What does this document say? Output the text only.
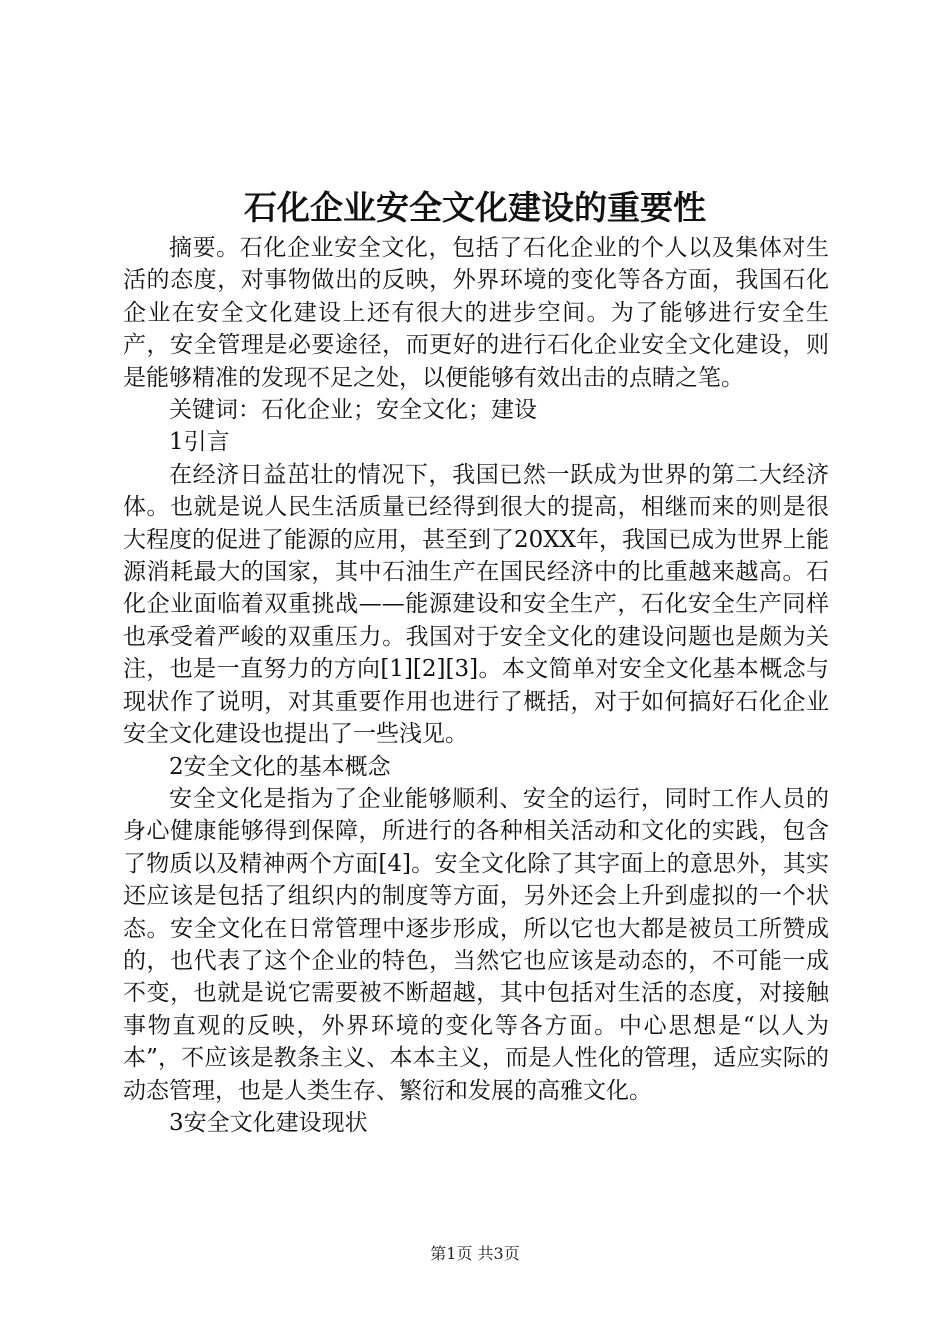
石化企业安全文化建设的重要性

摘要。石化企业安全文化，包括了石化企业的个人以及集体对生活的态度，对事物做出的反映，外界环境的变化等各方面，我国石化企业在安全文化建设上还有很大的进步空间。为了能够进行安全生产，安全管理是必要途径，而更好的进行石化企业安全文化建设，则是能够精准的发现不足之处，以便能够有效出击的点睛之笔。

关键词：石化企业；安全文化；建设

1引言

在经济日益茁壮的情况下，我国已然一跃成为世界的第二大经济体。也就是说人民生活质量已经得到很大的提高，相继而来的则是很大程度的促进了能源的应用，甚至到了20XX年，我国已成为世界上能源消耗最大的国家，其中石油生产在国民经济中的比重越来越高。石化企业面临着双重挑战——能源建设和安全生产，石化安全生产同样也承受着严峻的双重压力。我国对于安全文化的建设问题也是颇为关注，也是一直努力的方向[1][2][3]。本文简单对安全文化基本概念与现状作了说明，对其重要作用也进行了概括，对于如何搞好石化企业安全文化建设也提出了一些浅见。

2安全文化的基本概念

安全文化是指为了企业能够顺利、安全的运行，同时工作人员的身心健康能够得到保障，所进行的各种相关活动和文化的实践，包含了物质以及精神两个方面[4]。安全文化除了其字面上的意思外，其实还应该是包括了组织内的制度等方面，另外还会上升到虚拟的一个状态。安全文化在日常管理中逐步形成，所以它也大都是被员工所赞成的，也代表了这个企业的特色，当然它也应该是动态的，不可能一成不变，也就是说它需要被不断超越，其中包括对生活的态度，对接触事物直观的反映，外界环境的变化等各方面。中心思想是“以人为本”，不应该是教条主义、本本主义，而是人性化的管理，适应实际的动态管理，也是人类生存、繁衍和发展的高雅文化。

3安全文化建设现状

第1页 共3页
